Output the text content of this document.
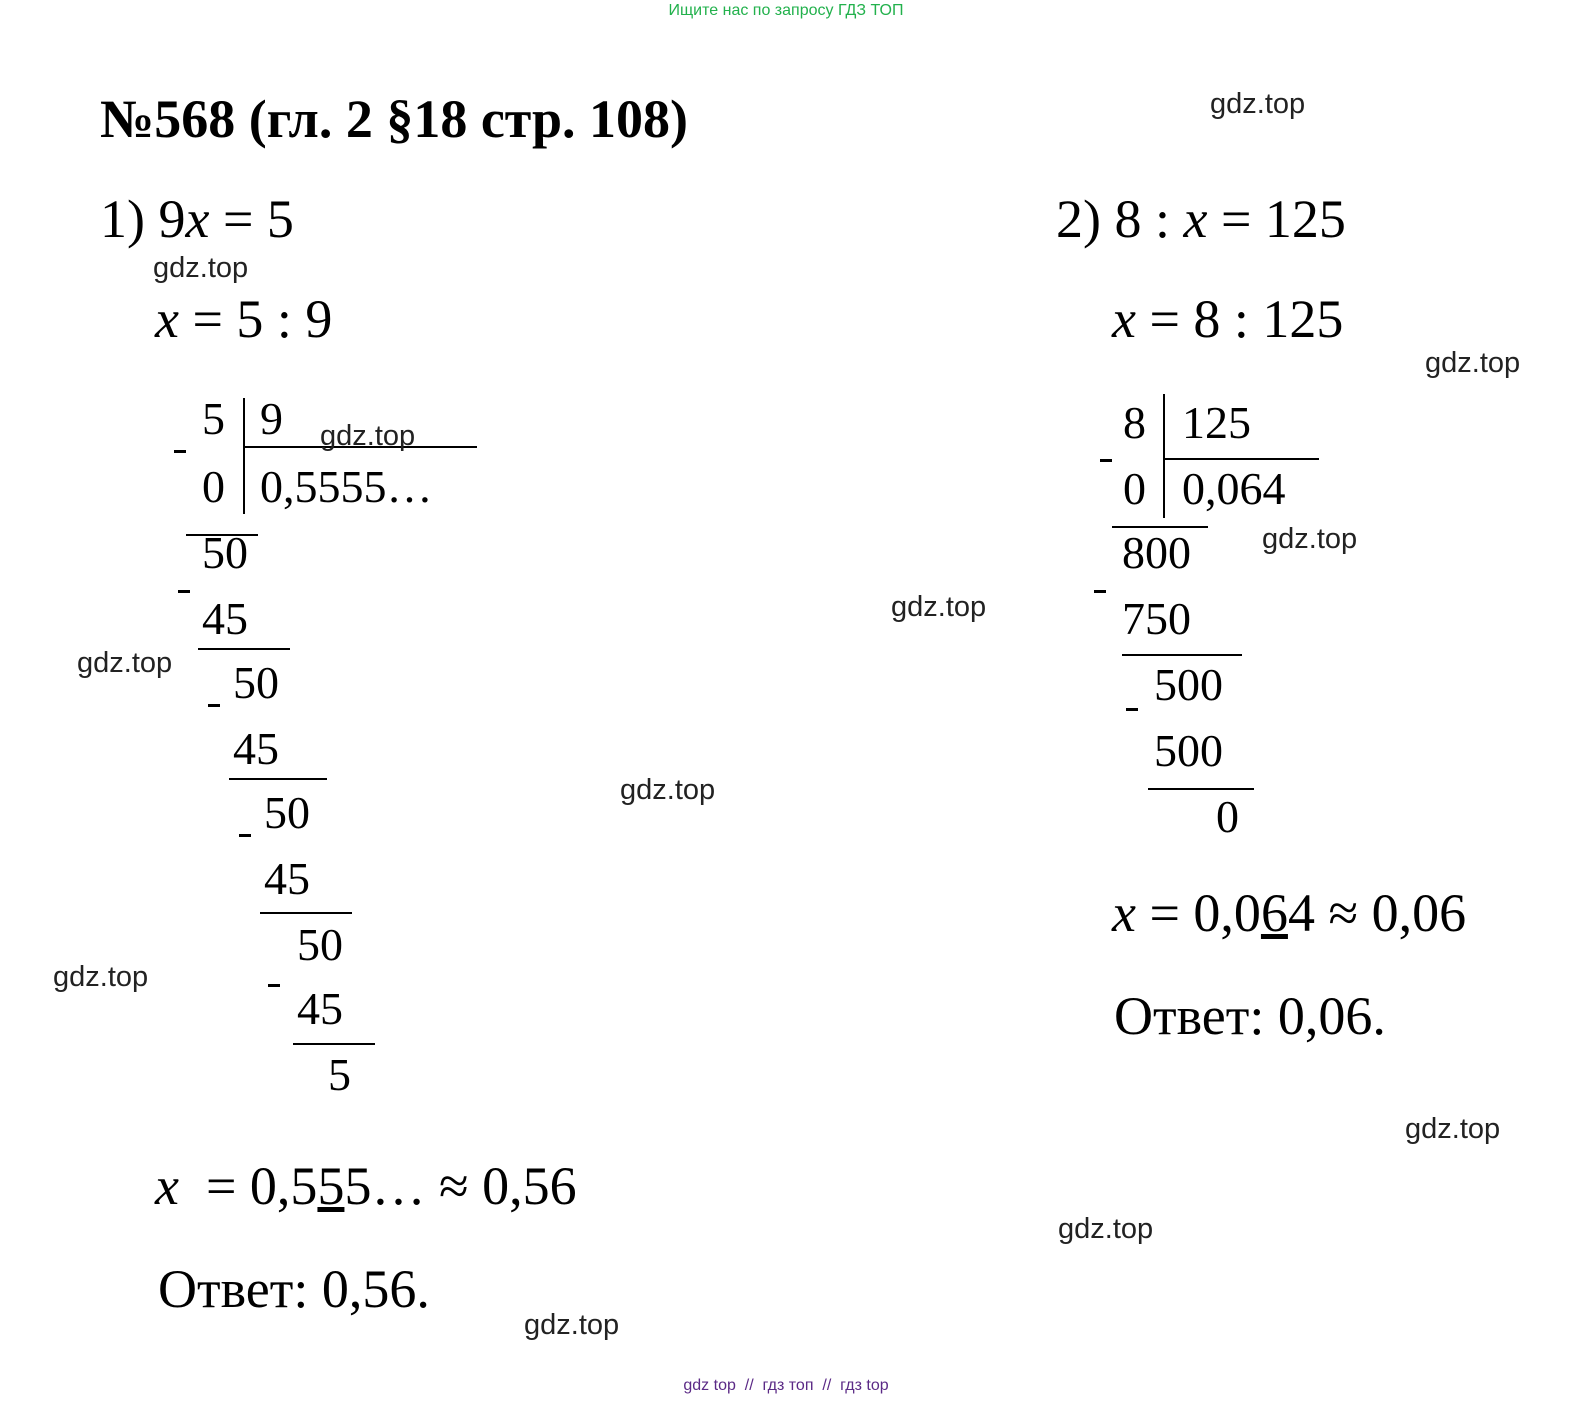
Ищите нас по запросу ГДЗ ТОП
№568 (гл. 2 §18 стр. 108)
1) 9x = 5
x = 5 : 9
5 9
0 0,5555…
50
45
50
45
50
45
50
45
5
x  = 0,555… ≈ 0,56
Ответ: 0,56.
2) 8 : x = 125
x = 8 : 125
8 125
0 0,064
800
750
500
500
0
x = 0,064 ≈ 0,06
Ответ: 0,06.
gdz.top
gdz.top
gdz.top
gdz.top
gdz.top
gdz.top
gdz.top
gdz.top
gdz.top
gdz.top
gdz.top
gdz.top
gdz top  //  гдз топ  //  гдз top
